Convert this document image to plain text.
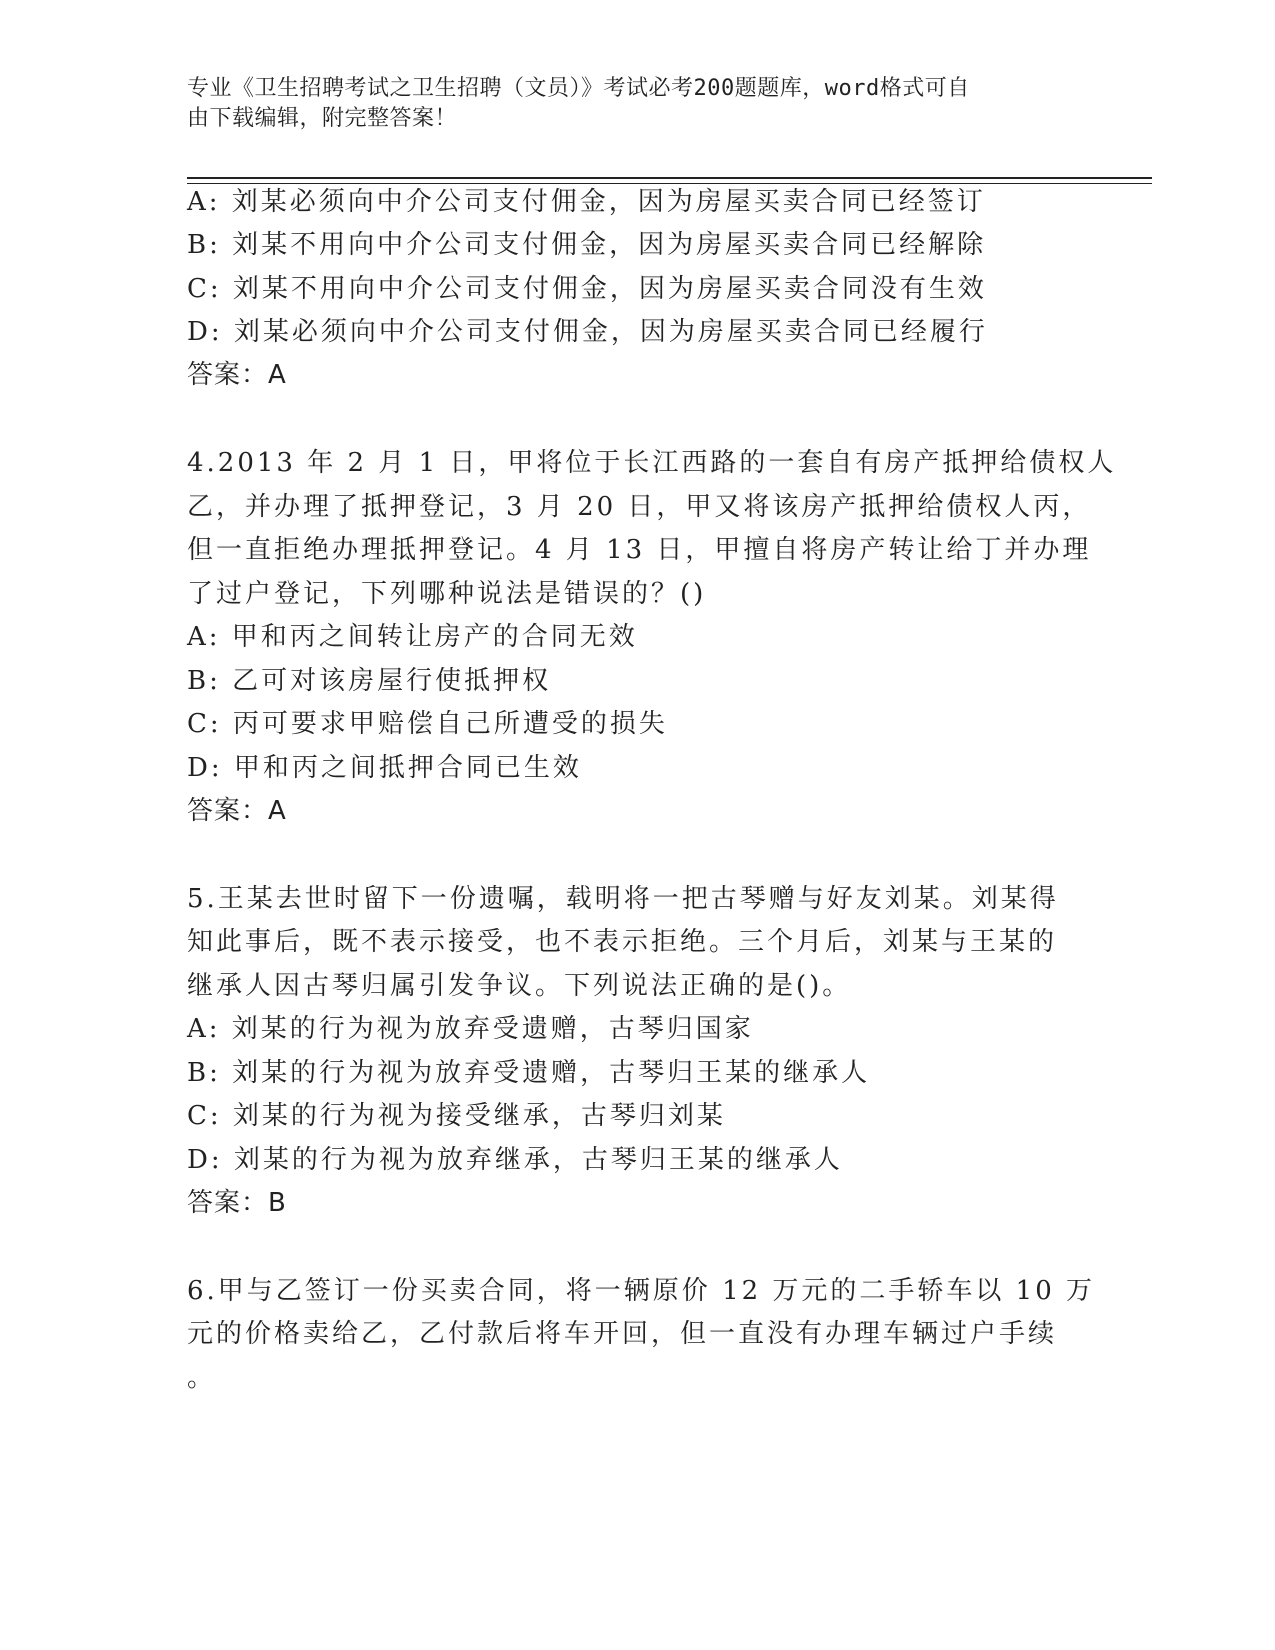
专业《卫生招聘考试之卫生招聘（文员）》考试必考200题题库，word格式可自
由下载编辑，附完整答案！
A: 刘某必须向中介公司支付佣金，因为房屋买卖合同已经签订
B: 刘某不用向中介公司支付佣金，因为房屋买卖合同已经解除
C: 刘某不用向中介公司支付佣金，因为房屋买卖合同没有生效
D: 刘某必须向中介公司支付佣金，因为房屋买卖合同已经履行
答案：A
4.2013 年 2 月 1 日，甲将位于长江西路的一套自有房产抵押给债权人
乙，并办理了抵押登记，3 月 20 日，甲又将该房产抵押给债权人丙，
但一直拒绝办理抵押登记。4 月 13 日，甲擅自将房产转让给丁并办理
了过户登记，下列哪种说法是错误的？()
A: 甲和丙之间转让房产的合同无效
B: 乙可对该房屋行使抵押权
C: 丙可要求甲赔偿自己所遭受的损失
D: 甲和丙之间抵押合同已生效
答案：A
5.王某去世时留下一份遗嘱，载明将一把古琴赠与好友刘某。刘某得
知此事后，既不表示接受，也不表示拒绝。三个月后，刘某与王某的
继承人因古琴归属引发争议。下列说法正确的是()。
A: 刘某的行为视为放弃受遗赠，古琴归国家
B: 刘某的行为视为放弃受遗赠，古琴归王某的继承人
C: 刘某的行为视为接受继承，古琴归刘某
D: 刘某的行为视为放弃继承，古琴归王某的继承人
答案：B
6.甲与乙签订一份买卖合同，将一辆原价 12 万元的二手轿车以 10 万
元的价格卖给乙，乙付款后将车开回，但一直没有办理车辆过户手续
。
